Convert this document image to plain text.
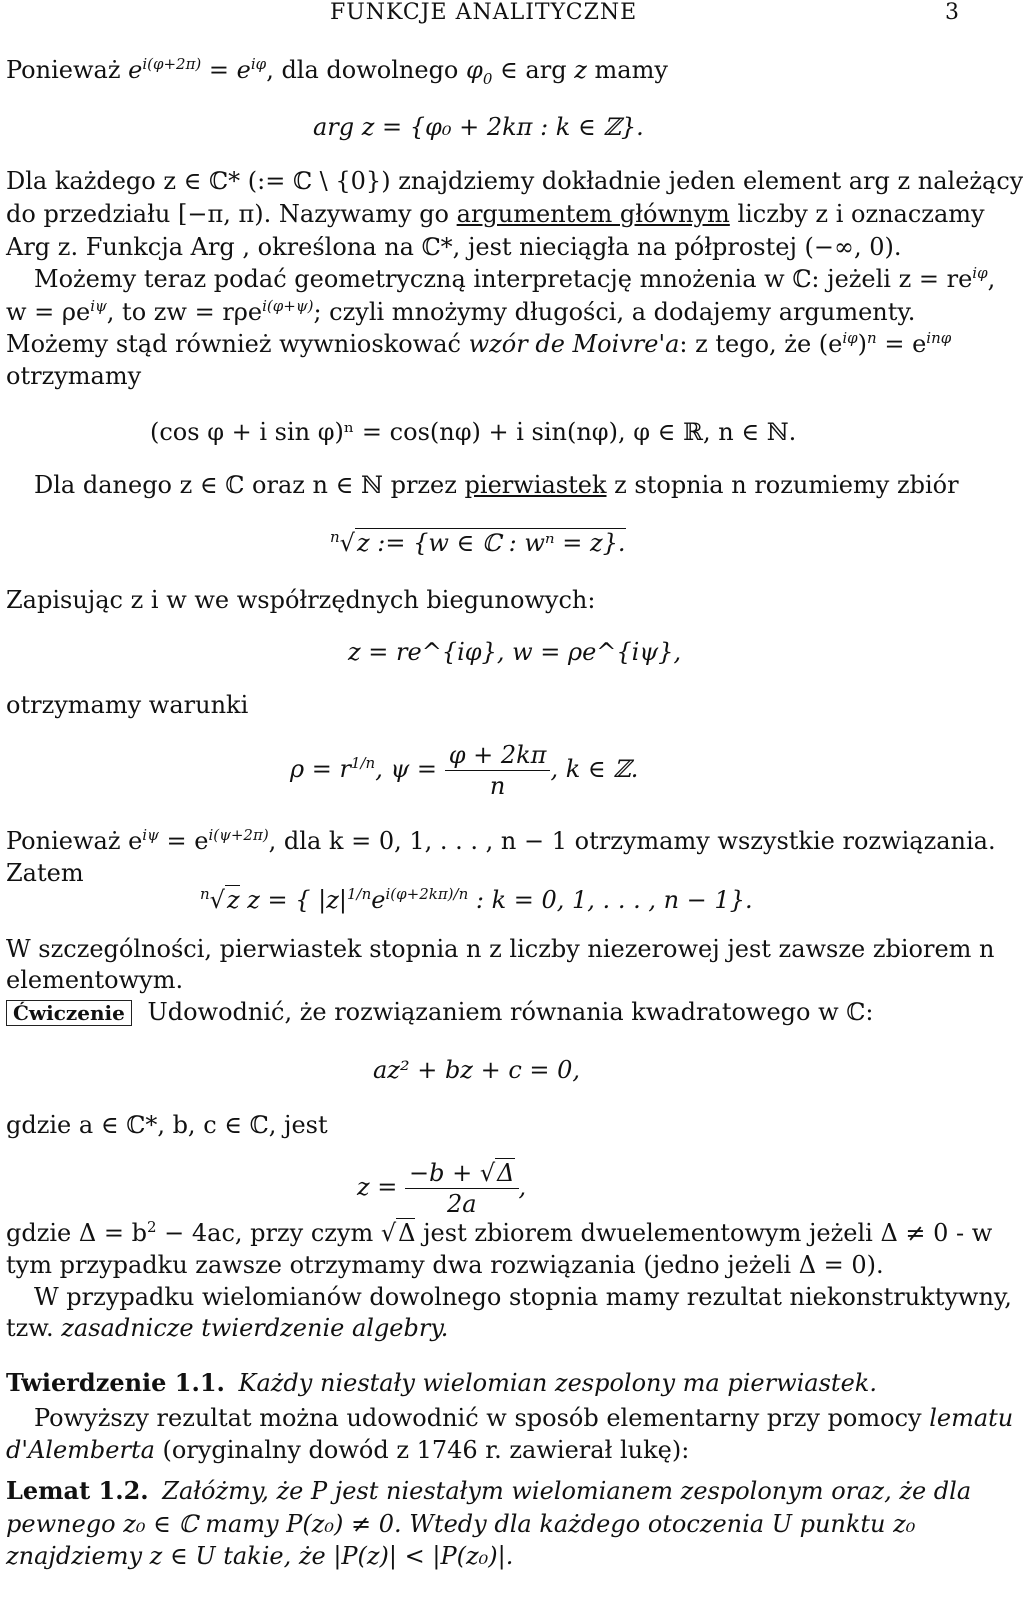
FUNKCJE ANALITYCZNE	3
Ponieważ $e^{i(\varphi+2\pi)} = e^{i\varphi}$, dla dowolnego $\varphi_0$ ∈ arg z mamy
arg z = {φ₀ + 2kπ : k ∈ ℤ}.
Dla każdego z ∈ ℂ* (:= ℂ \ {0}) znajdziemy dokładnie jeden element arg z należący
do przedziału [−π, π). Nazywamy go argumentem głównym liczby z i oznaczamy
Arg z. Funkcja Arg , określona na ℂ*, jest nieciągła na półprostej (−∞, 0).
Możemy teraz podać geometryczną interpretację mnożenia w ℂ: jeżeli $z = re^{i\varphi}$,
$w = \rho e^{i\psi}$, to zw = rρe$^{i(\varphi+\psi)}$; czyli mnożymy długości, a dodajemy argumenty.
Możemy stąd również wywnioskować wzór de Moivre'a: z tego, że $(e^{i\varphi})^n = e^{in\varphi}$
otrzymamy
(cos φ + i sin φ)ⁿ = cos(nφ) + i sin(nφ), φ ∈ ℝ, n ∈ ℕ.
Dla danego z ∈ ℂ oraz n ∈ ℕ przez pierwiastek z stopnia n rozumiemy zbiór
$^n$√z := {w ∈ ℂ : wⁿ = z}.
Zapisując z i w we współrzędnych biegunowych:
z = re^{iφ}, w = ρe^{iψ},
otrzymamy warunki
$\rho = r^{1/n}$, $\psi = \frac{\varphi + 2k\pi}{n}$ , k ∈ ℤ.
Ponieważ $e^{i\psi} = e^{i(\psi+2\pi)}$, dla k = 0, 1, . . . , n − 1 otrzymamy wszystkie rozwiązania.
Zatem
$^n$√z z = { $|z|^{1/n}e^{i(\varphi+2k\pi)/n}$ : k = 0, 1, . . . , n − 1}.
W szczególności, pierwiastek stopnia n z liczby niezerowej jest zawsze zbiorem n
elementowym.
Ćwiczenie Udowodnić, że rozwiązaniem równania kwadratowego w ℂ:
az² + bz + c = 0,
gdzie a ∈ ℂ*, b, c ∈ ℂ, jest
$z = \frac{-b + √\Delta}{2a}$ ,
gdzie $\Delta = b^2 - 4ac$, przy czym √Δ jest zbiorem dwuelementowym jeżeli Δ ≠ 0 - w
tym przypadku zawsze otrzymamy dwa rozwiązania (jedno jeżeli Δ = 0).
W przypadku wielomianów dowolnego stopnia mamy rezultat niekonstruktywny,
tzw. zasadnicze twierdzenie algebry.
Twierdzenie 1.1. Każdy niestały wielomian zespolony ma pierwiastek.
Powyższy rezultat można udowodnić w sposób elementarny przy pomocy lematu
d'Alemberta (oryginalny dowód z 1746 r. zawierał lukę):
Lemat 1.2. Załóżmy, że P jest niestałym wielomianem zespolonym oraz, że dla
pewnego z₀ ∈ ℂ mamy P(z₀) ≠ 0. Wtedy dla każdego otoczenia U punktu z₀
znajdziemy z ∈ U takie, że |P(z)| < |P(z₀)|.
